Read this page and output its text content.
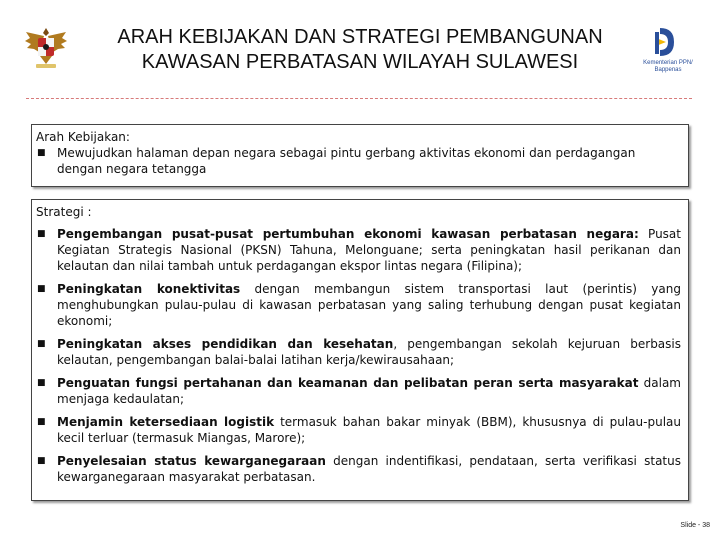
Kementerian PPN/
Bappenas
ARAH KEBIJAKAN DAN STRATEGI PEMBANGUNAN
KAWASAN PERBATASAN WILAYAH SULAWESI
Arah Kebijakan:
■ Mewujudkan halaman depan negara sebagai pintu gerbang aktivitas ekonomi dan perdagangan dengan negara tetangga
Strategi :
■ Pengembangan pusat-pusat pertumbuhan ekonomi kawasan perbatasan negara: Pusat Kegiatan Strategis Nasional (PKSN) Tahuna, Melonguane; serta peningkatan hasil perikanan dan kelautan dan nilai tambah untuk perdagangan ekspor lintas negara (Filipina);
■ Peningkatan konektivitas dengan membangun sistem transportasi laut (perintis) yang menghubungkan pulau-pulau di kawasan perbatasan yang saling terhubung dengan pusat kegiatan ekonomi;
■ Peningkatan akses pendidikan dan kesehatan, pengembangan sekolah kejuruan berbasis kelautan, pengembangan balai-balai latihan kerja/kewirausahaan;
■ Penguatan fungsi pertahanan dan keamanan dan pelibatan peran serta masyarakat dalam menjaga kedaulatan;
■ Menjamin ketersediaan logistik termasuk bahan bakar minyak (BBM), khususnya di pulau-pulau kecil terluar (termasuk Miangas, Marore);
■ Penyelesaian status kewarganegaraan dengan indentifikasi, pendataan, serta verifikasi status kewarganegaraan masyarakat perbatasan.
Slide - 38
